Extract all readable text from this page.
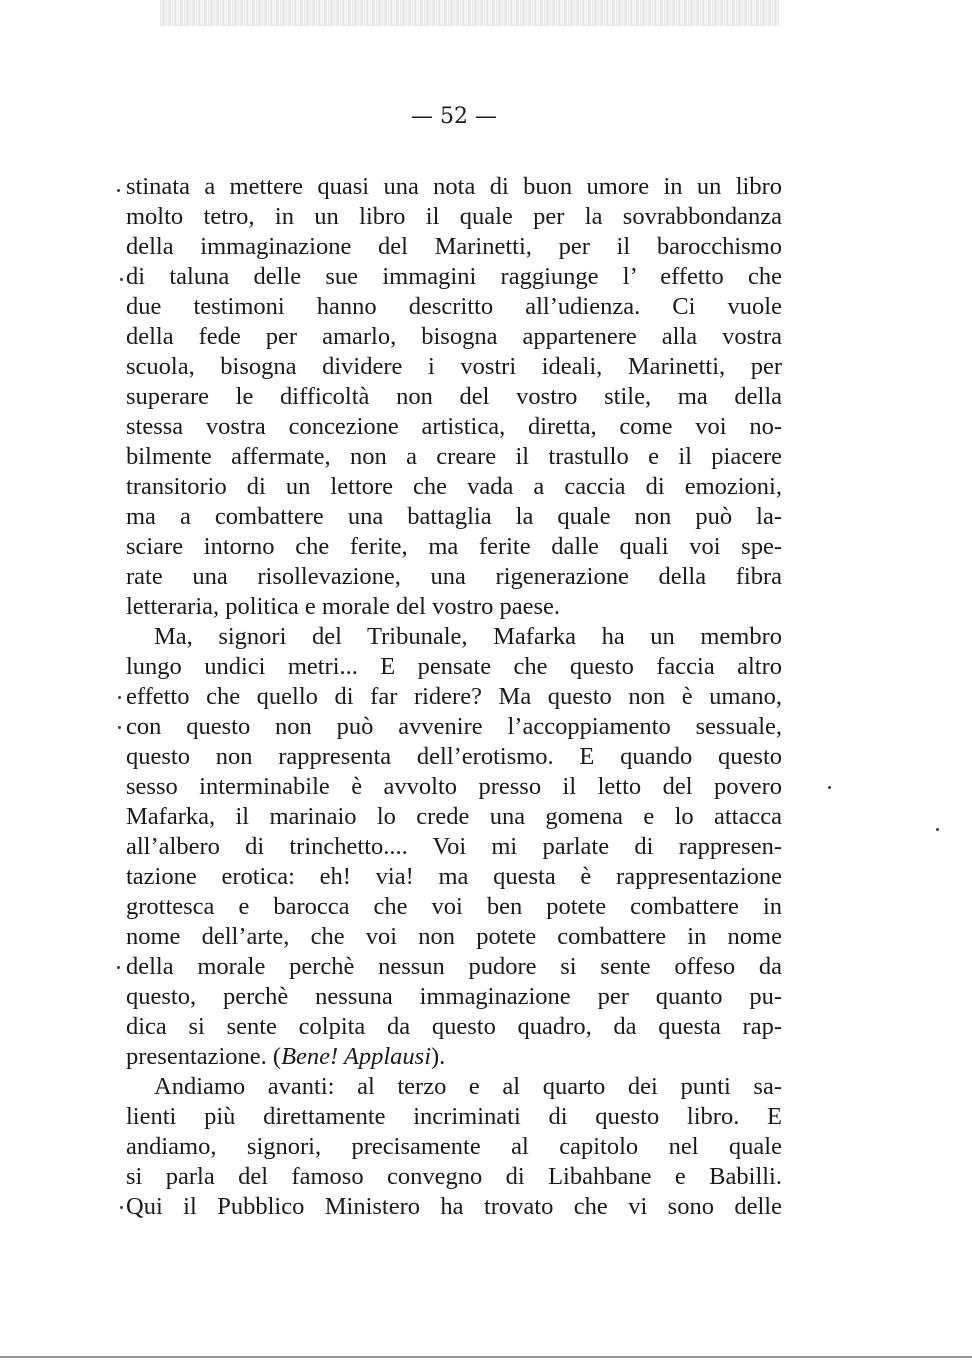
— 52 —
stinata a mettere quasi una nota di buon umore in un libro
molto tetro, in un libro il quale per la sovrabbondanza
della immaginazione del Marinetti, per il barocchismo
di taluna delle sue immagini raggiunge l’ effetto che
due testimoni hanno descritto all’udienza. Ci vuole
della fede per amarlo, bisogna appartenere alla vostra
scuola, bisogna dividere i vostri ideali, Marinetti, per
superare le difficoltà non del vostro stile, ma della
stessa vostra concezione artistica, diretta, come voi no-
bilmente affermate, non a creare il trastullo e il piacere
transitorio di un lettore che vada a caccia di emozioni,
ma a combattere una battaglia la quale non può la-
sciare intorno che ferite, ma ferite dalle quali voi spe-
rate una risollevazione, una rigenerazione della fibra
letteraria, politica e morale del vostro paese.
Ma, signori del Tribunale, Mafarka ha un membro
lungo undici metri... E pensate che questo faccia altro
effetto che quello di far ridere? Ma questo non è umano,
con questo non può avvenire l’accoppiamento sessuale,
questo non rappresenta dell’erotismo. E quando questo
sesso interminabile è avvolto presso il letto del povero
Mafarka, il marinaio lo crede una gomena e lo attacca
all’albero di trinchetto.... Voi mi parlate di rappresen-
tazione erotica: eh! via! ma questa è rappresentazione
grottesca e barocca che voi ben potete combattere in
nome dell’arte, che voi non potete combattere in nome
della morale perchè nessun pudore si sente offeso da
questo, perchè nessuna immaginazione per quanto pu-
dica si sente colpita da questo quadro, da questa rap-
presentazione. (Bene! Applausi).
Andiamo avanti: al terzo e al quarto dei punti sa-
lienti più direttamente incriminati di questo libro. E
andiamo, signori, precisamente al capitolo nel quale
si parla del famoso convegno di Libahbane e Babilli.
Qui il Pubblico Ministero ha trovato che vi sono delle
